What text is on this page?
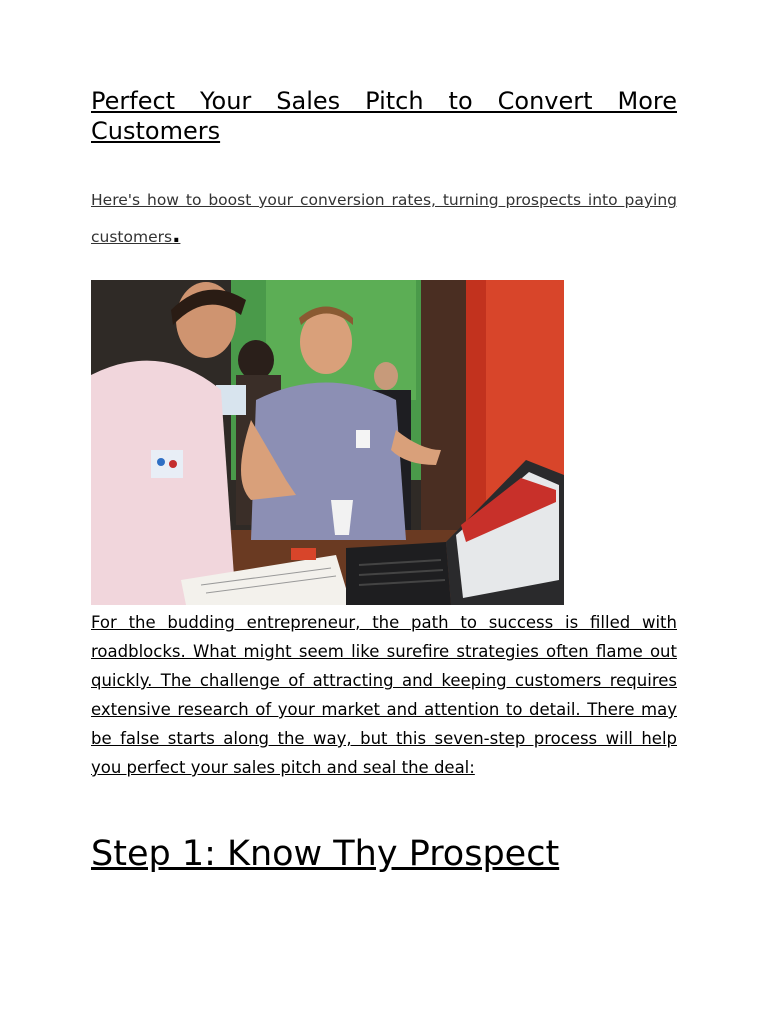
Perfect Your Sales Pitch to Convert More Customers

Here's how to boost your conversion rates, turning prospects into paying customers.

For the budding entrepreneur, the path to success is filled with roadblocks. What might seem like surefire strategies often flame out quickly. The challenge of attracting and keeping customers requires extensive research of your market and attention to detail. There may be false starts along the way, but this seven-step process will help you perfect your sales pitch and seal the deal:

Step 1: Know Thy Prospect
